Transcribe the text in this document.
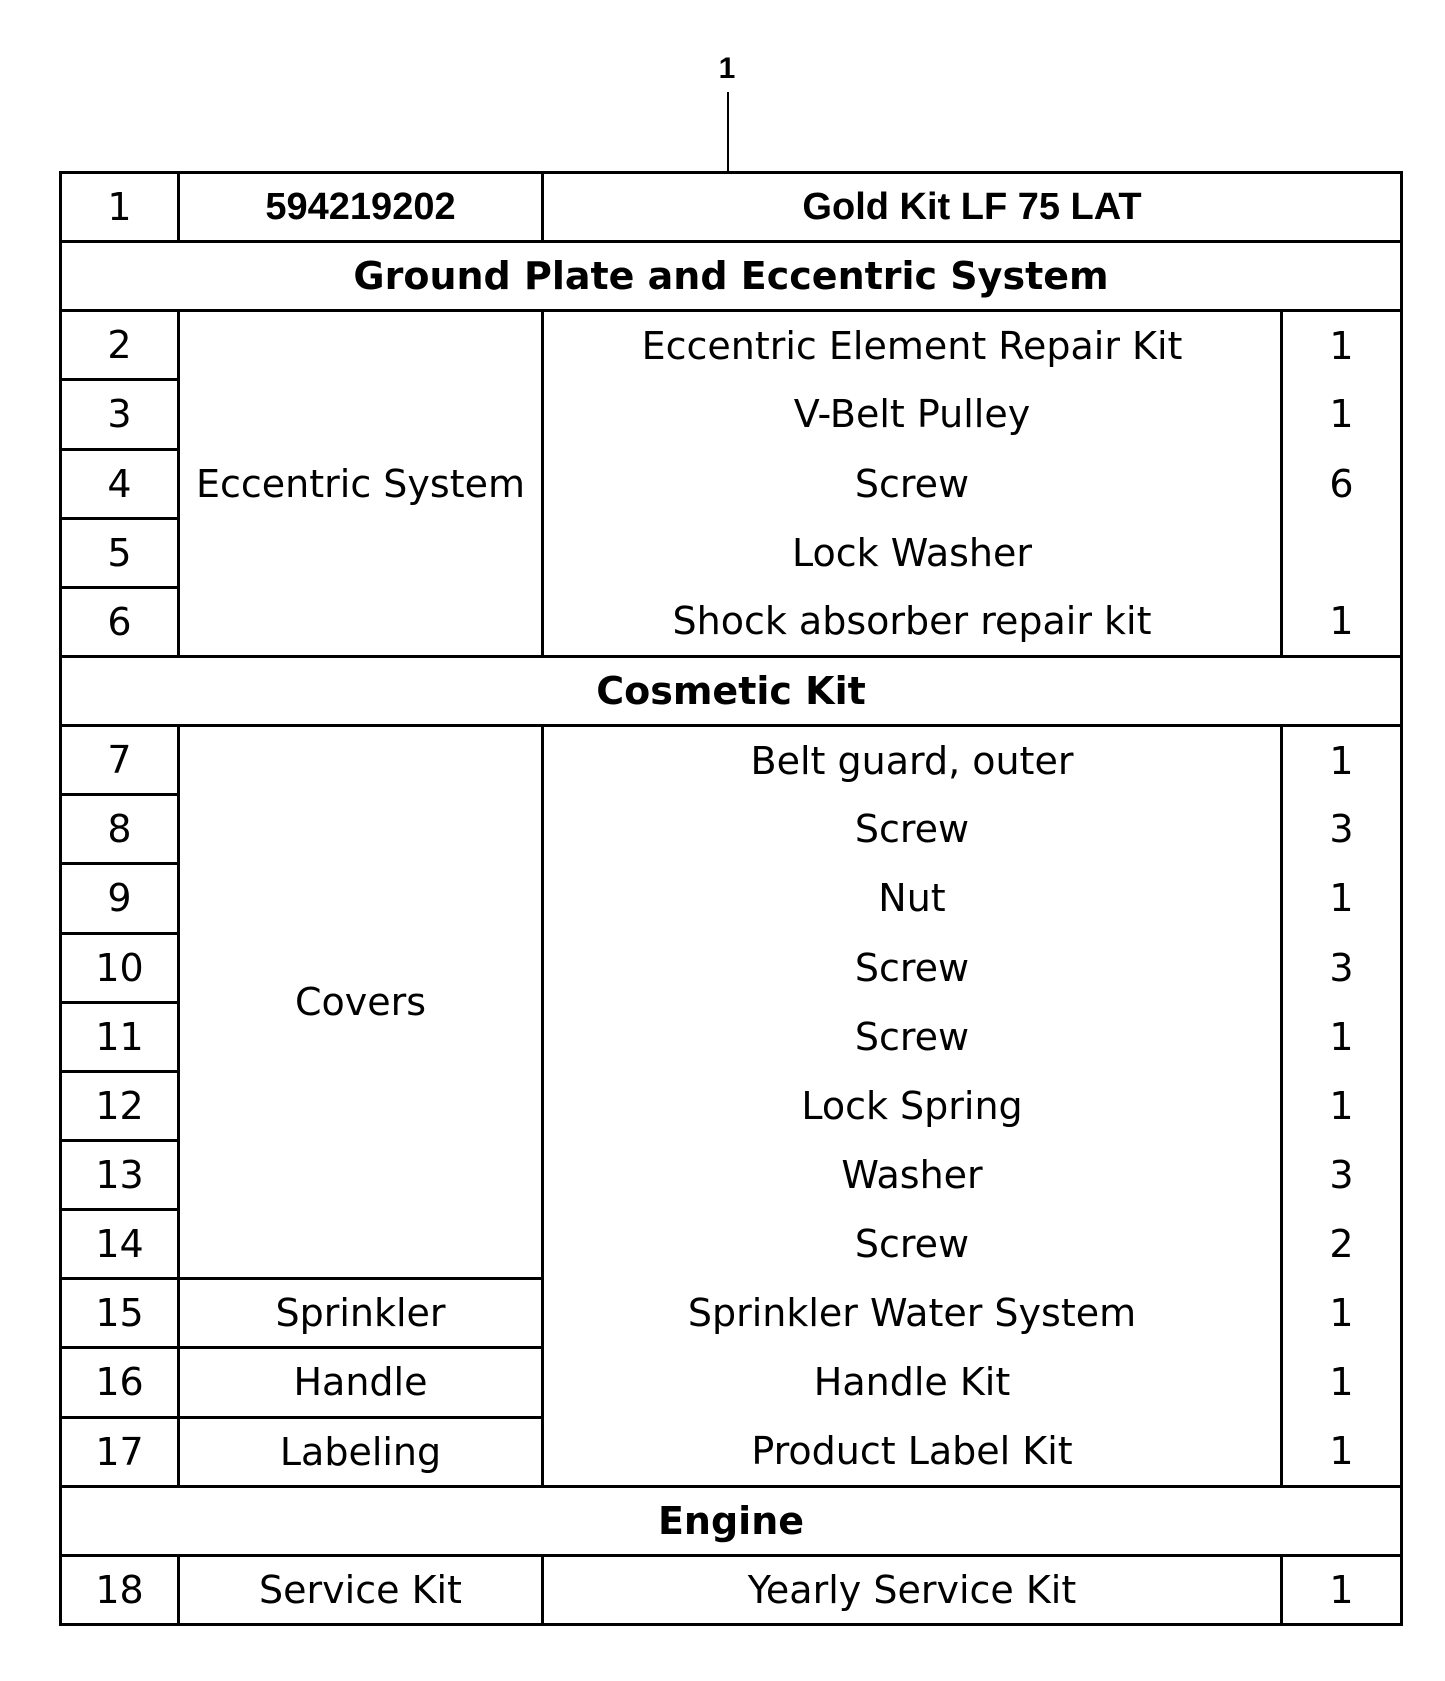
1
1	594219202	Gold Kit LF 75 LAT	
Ground Plate and Eccentric System			
2	Eccentric System	Eccentric Element Repair Kit	1
3		V-Belt Pulley	1
4		Screw	6
5		Lock Washer	
6		Shock absorber repair kit	1
Cosmetic Kit			
7	Covers	Belt guard, outer	1
8		Screw	3
9		Nut	1
10		Screw	3
11		Screw	1
12		Lock Spring	1
13		Washer	3
14		Screw	2
15	Sprinkler	Sprinkler Water System	1
16	Handle	Handle Kit	1
17	Labeling	Product Label Kit	1
Engine			
18	Service Kit	Yearly Service Kit	1
